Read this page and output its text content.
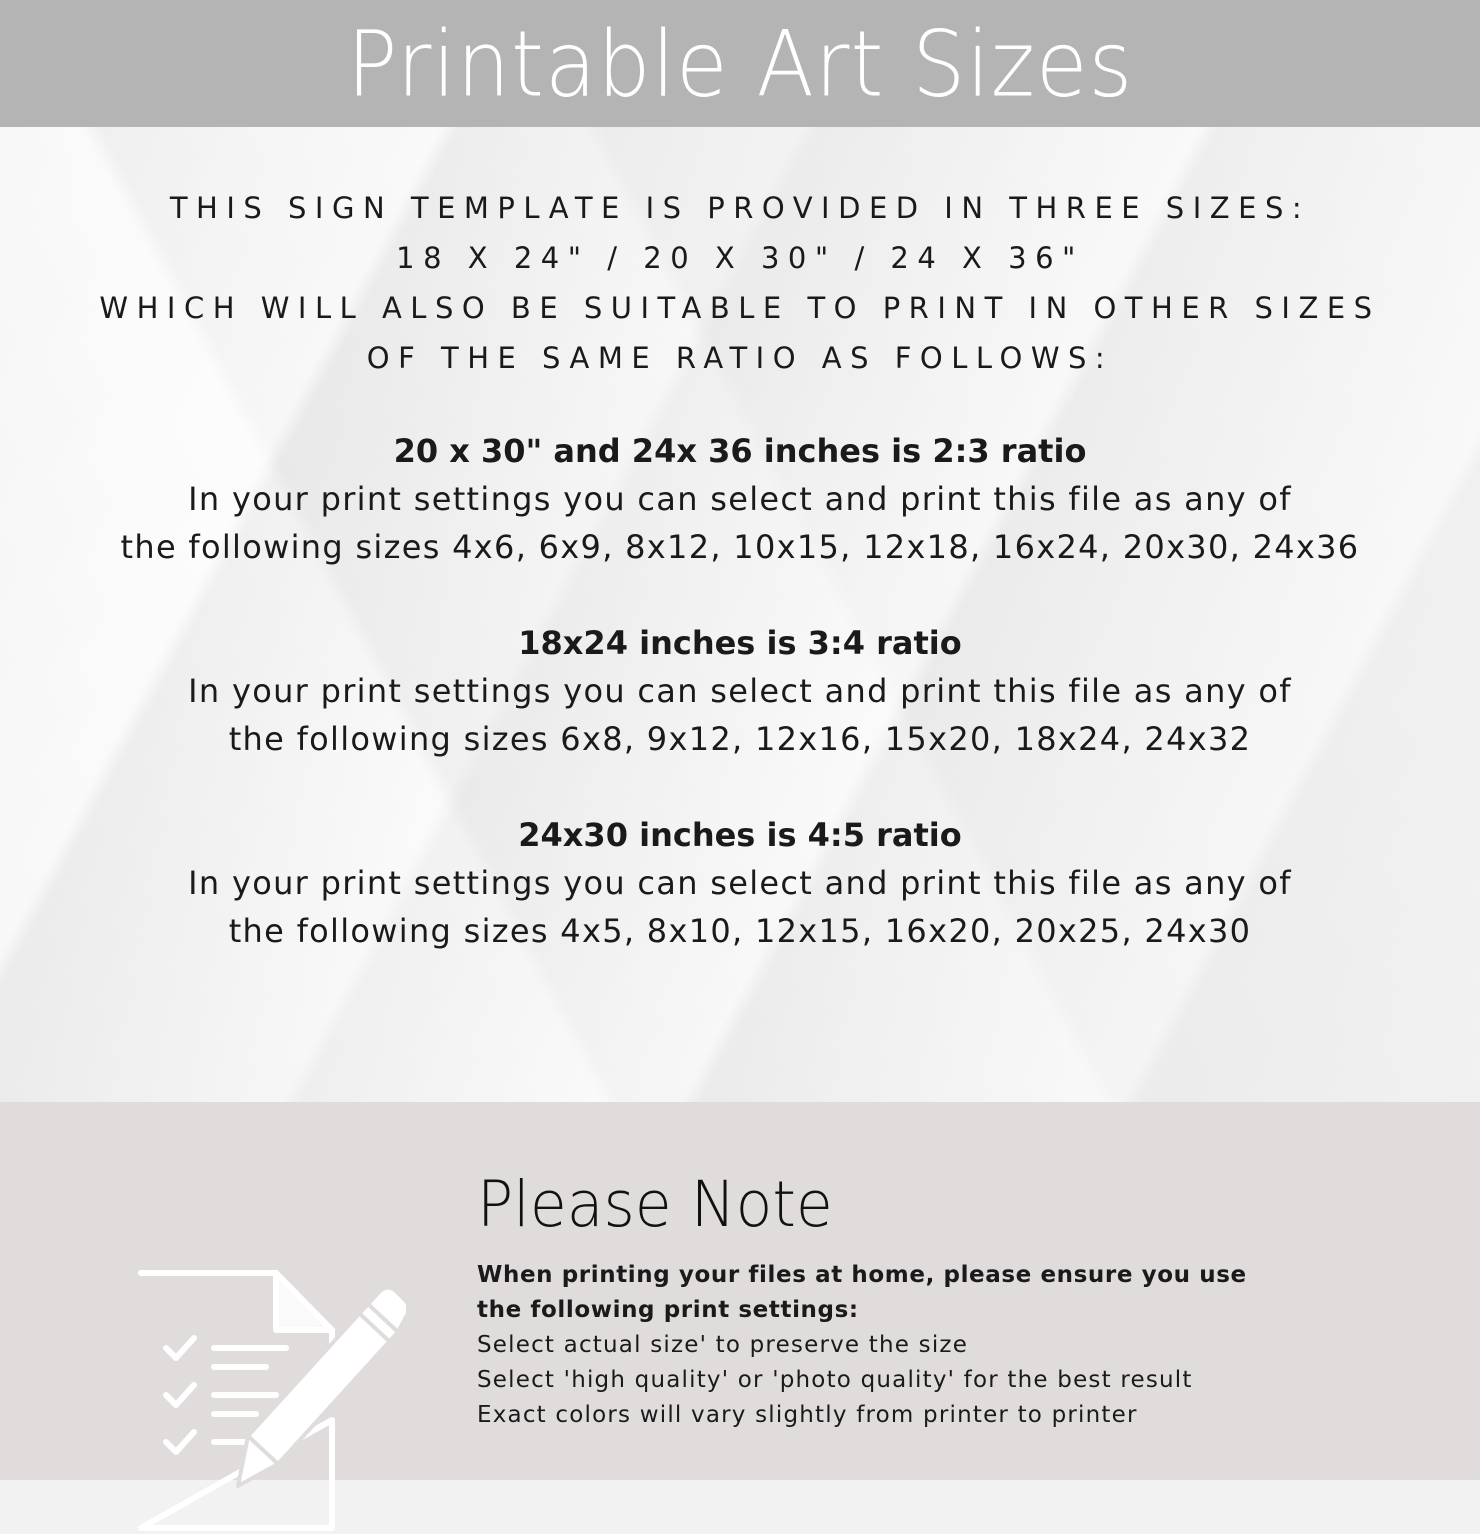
Printable Art Sizes
THIS SIGN TEMPLATE IS PROVIDED IN THREE SIZES:
18 X 24" / 20 X 30" / 24 X 36"
WHICH WILL ALSO BE SUITABLE TO PRINT IN OTHER SIZES
OF THE SAME RATIO AS FOLLOWS:
20 x 30" and 24x 36 inches is 2:3 ratio
In your print settings you can select and print this file as any of
the following sizes 4x6, 6x9, 8x12, 10x15, 12x18, 16x24, 20x30, 24x36
18x24 inches is 3:4 ratio
In your print settings you can select and print this file as any of
the following sizes 6x8, 9x12, 12x16, 15x20, 18x24, 24x32
24x30 inches is 4:5 ratio
In your print settings you can select and print this file as any of
the following sizes 4x5, 8x10, 12x15, 16x20, 20x25, 24x30
Please Note
When printing your files at home, please ensure you use
the following print settings:
Select actual size' to preserve the size
Select 'high quality' or 'photo quality' for the best result
Exact colors will vary slightly from printer to printer
